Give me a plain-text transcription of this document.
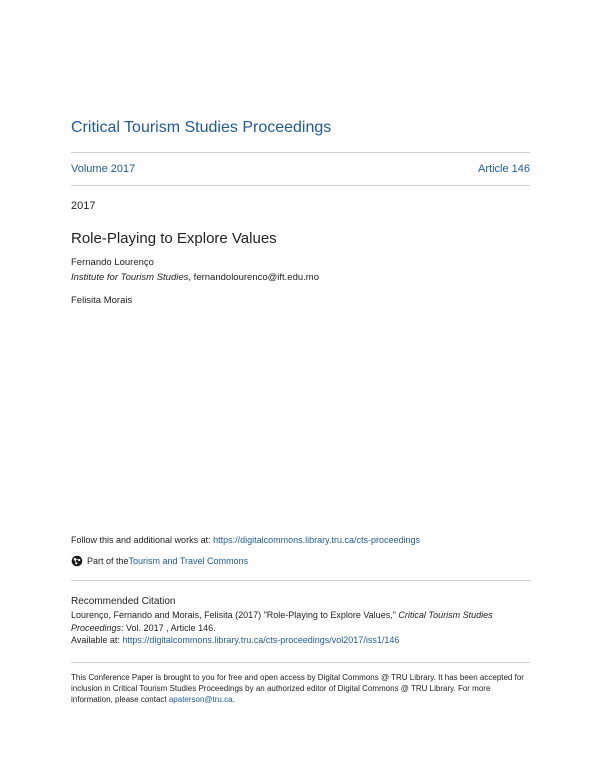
Critical Tourism Studies Proceedings
Volume 2017	Article 146
2017
Role-Playing to Explore Values
Fernando Lourenço
Institute for Tourism Studies, fernandolourenco@ift.edu.mo
Felisita Morais
Follow this and additional works at: https://digitalcommons.library.tru.ca/cts-proceedings
Part of the Tourism and Travel Commons
Recommended Citation
Lourenço, Fernando and Morais, Felisita (2017) "Role-Playing to Explore Values," Critical Tourism Studies Proceedings: Vol. 2017 , Article 146.
Available at: https://digitalcommons.library.tru.ca/cts-proceedings/vol2017/iss1/146
This Conference Paper is brought to you for free and open access by Digital Commons @ TRU Library. It has been accepted for inclusion in Critical Tourism Studies Proceedings by an authorized editor of Digital Commons @ TRU Library. For more information, please contact apaterson@tru.ca.
